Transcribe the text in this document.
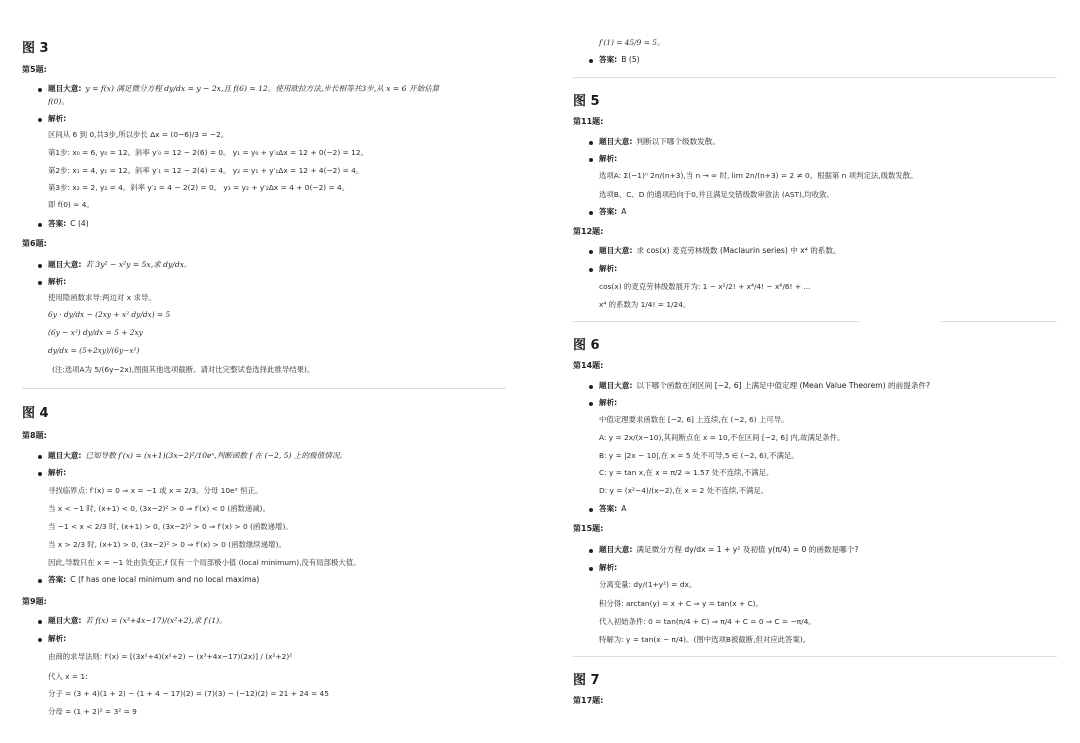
图 3
第5题:
题目大意: y = f(x) 满足微分方程 dy/dx = y − 2x,且 f(6) = 12。使用欧拉方法,步长相等共3步,从 x = 6 开始估算
f(0)。
解析:
区间从 6 到 0,共3步,所以步长 Δx = (0−6)/3 = −2。
第1步: x₀ = 6, y₀ = 12。斜率 y′₀ = 12 − 2(6) = 0。 y₁ = y₀ + y′₀Δx = 12 + 0(−2) = 12。
第2步: x₁ = 4, y₁ = 12。斜率 y′₁ = 12 − 2(4) = 4。 y₂ = y₁ + y′₁Δx = 12 + 4(−2) = 4。
第3步: x₂ = 2, y₂ = 4。斜率 y′₂ = 4 − 2(2) = 0。 y₃ = y₂ + y′₂Δx = 4 + 0(−2) = 4。
即 f(0) ≈ 4。
答案: C (4)
第6题:
题目大意: 若 3y² − x²y = 5x,求 dy/dx。
解析:
使用隐函数求导:两边对 x 求导。
6y · dy/dx − (2xy + x² dy/dx) = 5
(6y − x²) dy/dx = 5 + 2xy
dy/dx = (5+2xy)/(6y−x²)
(注:选项A为 5/(6y−2x),图面其他选项截断。请对比完整试卷选择此推导结果)。
图 4
第8题:
题目大意: 已知导数 f′(x) = (x+1)(3x−2)²/10eˣ,判断函数 f 在 (−2, 5) 上的极值情况。
解析:
寻找临界点: f′(x) = 0 ⇒ x = −1 或 x = 2/3。分母 10eˣ 恒正。
当 x < −1 时, (x+1) < 0, (3x−2)² > 0 ⇒ f′(x) < 0 (函数递减)。
当 −1 < x < 2/3 时, (x+1) > 0, (3x−2)² > 0 ⇒ f′(x) > 0 (函数递增)。
当 x > 2/3 时, (x+1) > 0, (3x−2)² > 0 ⇒ f′(x) > 0 (函数继续递增)。
因此,导数只在 x = −1 处由负变正,f 仅有一个局部极小值 (local minimum),没有局部极大值。
答案: C (f has one local minimum and no local maxima)
第9题:
题目大意: 若 f(x) = (x³+4x−17)/(x²+2),求 f′(1)。
解析:
由商的求导法则: f′(x) = [(3x²+4)(x²+2) − (x³+4x−17)(2x)] / (x²+2)²
代入 x = 1:
分子 = (3 + 4)(1 + 2) − (1 + 4 − 17)(2) = (7)(3) − (−12)(2) = 21 + 24 = 45
分母 = (1 + 2)² = 3² = 9
f′(1) = 45/9 = 5。
答案: B (5)
图 5
第11题:
题目大意: 判断以下哪个级数发散。
解析:
选项A: Σ(−1)ⁿ 2n/(n+3),当 n → ∞ 时, lim 2n/(n+3) = 2 ≠ 0。根据第 n 项判定法,级数发散。
选项B、C、D 的通项趋向于0,并且满足交错级数审敛法 (AST),均收敛。
答案: A
第12题:
题目大意: 求 cos(x) 麦克劳林级数 (Maclaurin series) 中 x⁴ 的系数。
解析:
cos(x) 的麦克劳林级数展开为: 1 − x²/2! + x⁴/4! − x⁶/6! + ...
x⁴ 的系数为 1/4! = 1/24。
图 6
第14题:
题目大意: 以下哪个函数在闭区间 [−2, 6] 上满足中值定理 (Mean Value Theorem) 的前提条件?
解析:
中值定理要求函数在 [−2, 6] 上连续,在 (−2, 6) 上可导。
A: y = 2x/(x−10),其间断点在 x = 10,不在区间 [−2, 6] 内,故满足条件。
B: y = |2x − 10|,在 x = 5 处不可导,5 ∈ (−2, 6),不满足。
C: y = tan x,在 x = π/2 ≈ 1.57 处不连续,不满足。
D: y = (x²−4)/(x−2),在 x = 2 处不连续,不满足。
答案: A
第15题:
题目大意: 满足微分方程 dy/dx = 1 + y² 及初值 y(π/4) = 0 的函数是哪个?
解析:
分离变量: dy/(1+y²) = dx。
积分得: arctan(y) = x + C ⇒ y = tan(x + C)。
代入初始条件: 0 = tan(π/4 + C) ⇒ π/4 + C = 0 ⇒ C = −π/4。
特解为: y = tan(x − π/4)。(图中选项B被截断,但对应此答案)。
图 7
第17题:
